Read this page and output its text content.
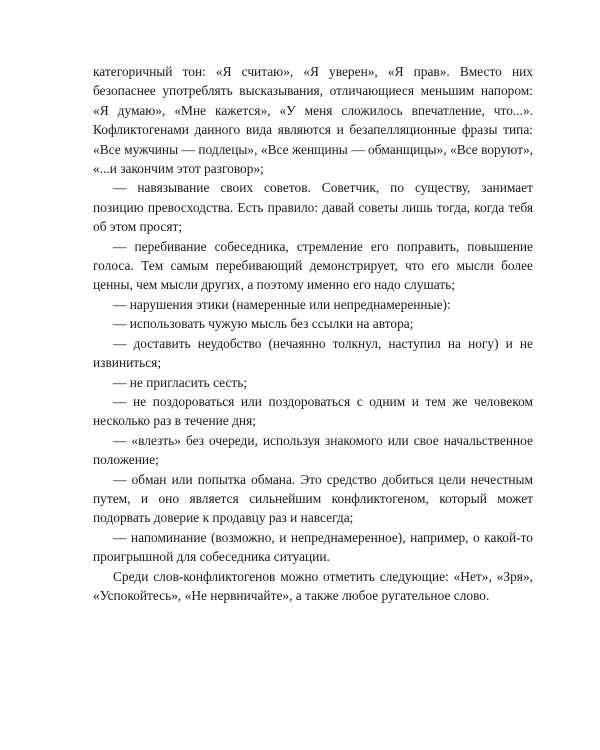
категоричный тон: «Я считаю», «Я уверен», «Я прав». Вместо них безопаснее употреблять высказывания, отличающиеся меньшим напором: «Я думаю», «Мне кажется», «У меня сложилось впечатление, что...». Кофликтогенами данного вида являются и безапелляционные фразы типа: «Все мужчины — подлецы», «Все женщины — обманщицы», «Все воруют», «...и закончим этот разговор»;

— навязывание своих советов. Советчик, по существу, занимает позицию превосходства. Есть правило: давай советы лишь тогда, когда тебя об этом просят;

— перебивание собеседника, стремление его поправить, повышение голоса. Тем самым перебивающий демонстрирует, что его мысли более ценны, чем мысли других, а поэтому именно его надо слушать;

— нарушения этики (намеренные или непреднамеренные):

— использовать чужую мысль без ссылки на автора;

— доставить неудобство (нечаянно толкнул, наступил на ногу) и не извиниться;

— не пригласить сесть;

— не поздороваться или поздороваться с одним и тем же человеком несколько раз в течение дня;

— «влезть» без очереди, используя знакомого или свое начальственное положение;

— обман или попытка обмана. Это средство добиться цели нечестным путем, и оно является сильнейшим конфликтогеном, который может подорвать доверие к продавцу раз и навсегда;

— напоминание (возможно, и непреднамеренное), например, о какой-то проигрышной для собеседника ситуации.

Среди слов-конфликтогенов можно отметить следующие: «Нет», «Зря», «Успокойтесь», «Не нервничайте», а также любое ругательное слово.
